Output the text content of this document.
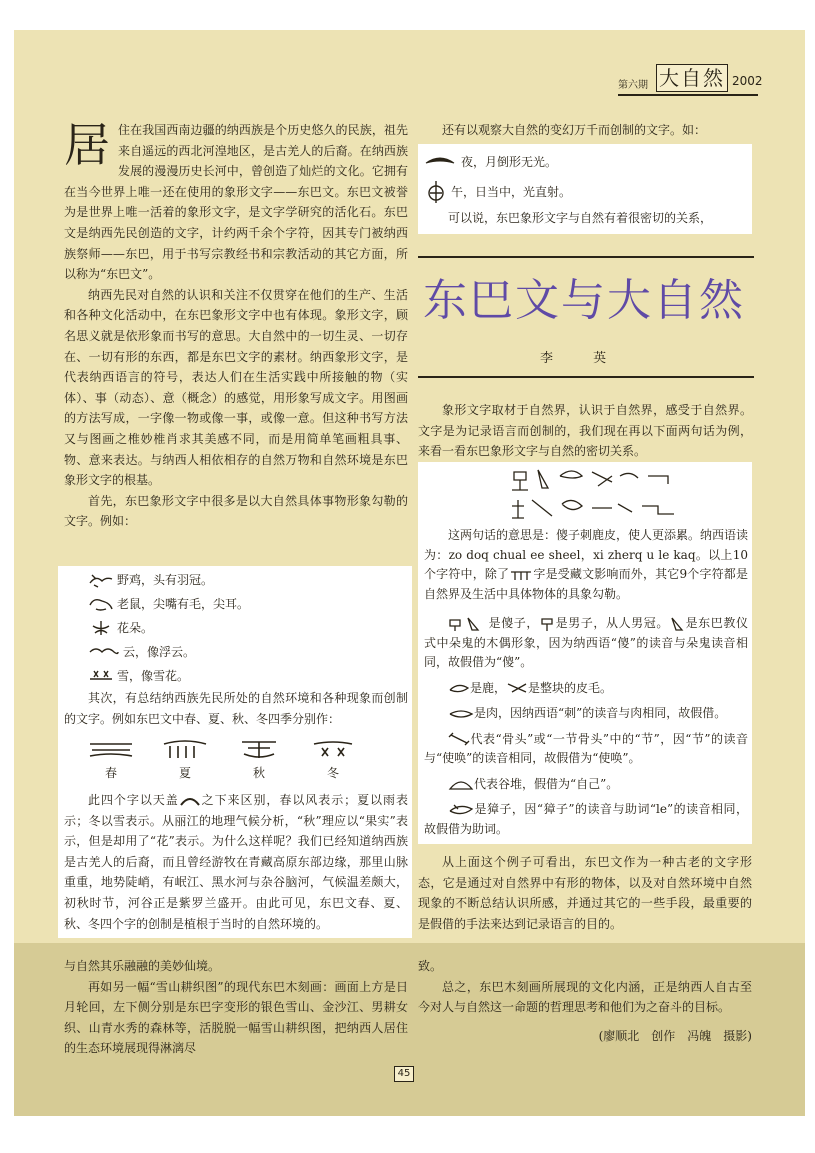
第六期 大自然 2002

居住在我国西南边疆的纳西族是个历史悠久的民族，祖先来自遥远的西北河湟地区，是古羌人的后裔。在纳西族发展的漫漫历史长河中，曾创造了灿烂的文化。它拥有在当今世界上唯一还在使用的象形文字——东巴文。东巴文被誉为是世界上唯一活着的象形文字，是文字学研究的活化石。东巴文是纳西先民创造的文字，计约两千余个字符，因其专门被纳西族祭师——东巴，用于书写宗教经书和宗教活动的其它方面，所以称为“东巴文”。

纳西先民对自然的认识和关注不仅贯穿在他们的生产、生活和各种文化活动中，在东巴象形文字中也有体现。象形文字，顾名思义就是依形象而书写的意思。大自然中的一切生灵、一切存在、一切有形的东西，都是东巴文字的素材。纳西象形文字，是代表纳西语言的符号，表达人们在生活实践中所接触的物（实体）、事（动态）、意（概念）的感觉，用形象写成文字。用图画的方法写成，一字像一物或像一事，或像一意。但这种书写方法又与图画之椎妙椎肖求其美感不同，而是用简单笔画粗具事、物、意来表达。与纳西人相依相存的自然万物和自然环境是东巴象形文字的根基。

首先，东巴象形文字中很多是以大自然具体事物形象勾勒的文字。例如：

野鸡，头有羽冠。
老鼠，尖嘴有毛，尖耳。
花朵。
云，像浮云。
雪，像雪花。

其次，有总结纳西族先民所处的自然环境和各种现象而创制的文字。例如东巴文中春、夏、秋、冬四季分别作：

春	夏	秋	冬

此四个字以天盖 之下来区别，春以风表示；夏以雨表示；冬以雪表示。从丽江的地理气候分析，“秋”理应以“果实”表示，但是却用了“花”表示。为什么这样呢？我们已经知道纳西族是古羌人的后裔，而且曾经游牧在青藏高原东部边缘，那里山脉重重，地势陡峭，有岷江、黑水河与杂谷脑河，气候温差颇大，初秋时节，河谷正是紫罗兰盛开。由此可见，东巴文春、夏、秋、冬四个字的创制是植根于当时的自然环境的。

还有以观察大自然的变幻万千而创制的文字。如：

夜，月倒形无光。
午，日当中，光直射。

可以说，东巴象形文字与自然有着很密切的关系，

东巴文与大自然
李 英

象形文字取材于自然界，认识于自然界，感受于自然界。文字是为记录语言而创制的，我们现在再以下面两句话为例，来看一看东巴象形文字与自然的密切关系。

这两句话的意思是：傻子刺鹿皮，使人更添累。纳西语读为：zo doq chual ee sheel，xi zherq u le kaq。以上10个字符中，除了 字是受藏文影响而外，其它9个字符都是自然界及生活中具体物体的具象勾勒。

是傻子， 是男子，从人男冠。 是东巴教仪式中朵鬼的木偶形象，因为纳西语“傻”的读音与朵鬼读音相同，故假借为“傻”。

是鹿， 是整块的皮毛。

是肉，因纳西语“刺”的读音与肉相同，故假借。

代表“骨头”或“一节骨头”中的“节”，因“节”的读音与“使唤”的读音相同，故假借为“使唤”。

代表谷堆，假借为“自己”。

是獐子，因“獐子”的读音与助词“le”的读音相同，故假借为助词。

从上面这个例子可看出，东巴文作为一种古老的文字形态，它是通过对自然界中有形的物体，以及对自然环境中自然现象的不断总结认识所感，并通过其它的一些手段，最重要的是假借的手法来达到记录语言的目的。

与自然其乐融融的美妙仙境。

再如另一幅“雪山耕织图”的现代东巴木刻画：画面上方是日月轮回，左下侧分别是东巴字变形的银色雪山、金沙江、男耕女织、山青水秀的森林等，活脱脱一幅雪山耕织图，把纳西人居住的生态环境展现得淋漓尽

致。

总之，东巴木刻画所展现的文化内涵，正是纳西人自古至今对人与自然这一命题的哲理思考和他们为之奋斗的目标。

(廖顺北　创作　冯魄　摄影)

45
